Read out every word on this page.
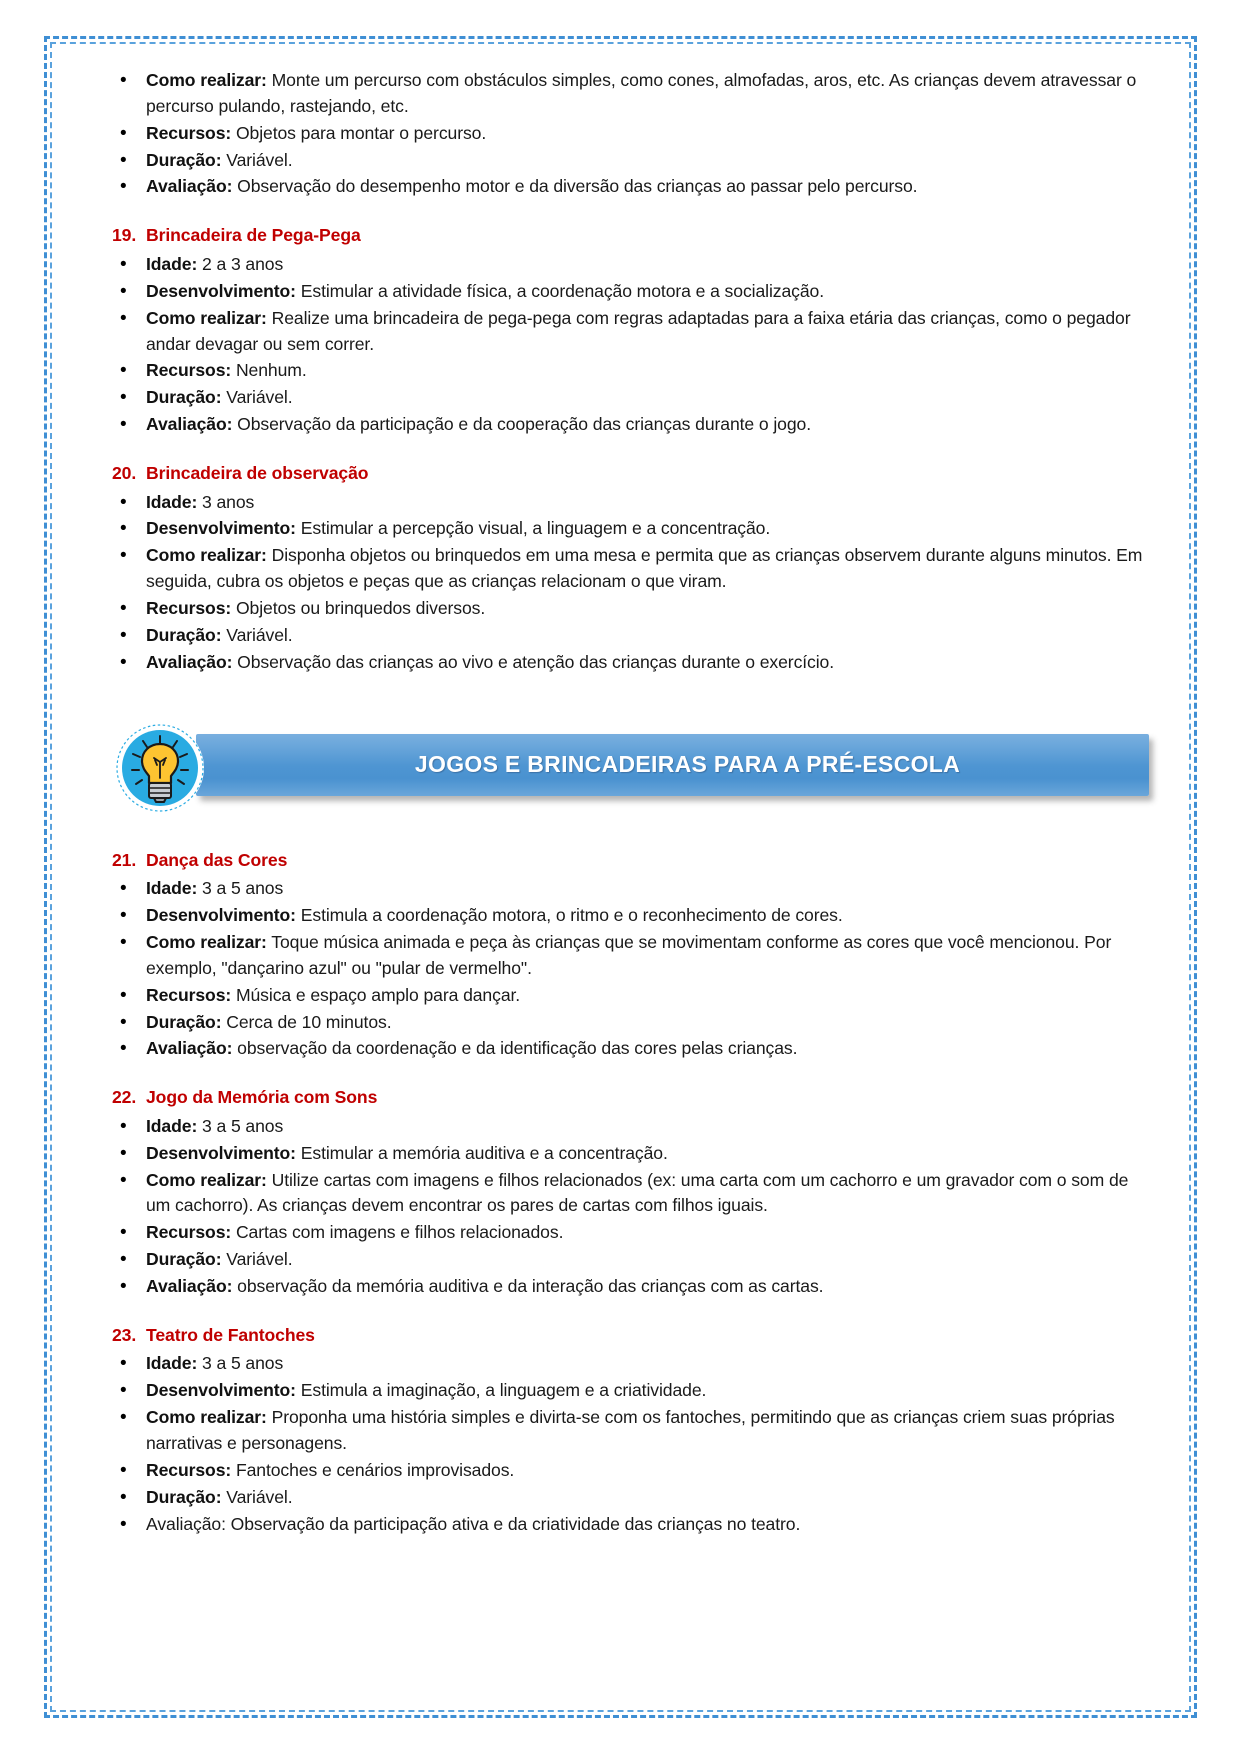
• Como realizar: Monte um percurso com obstáculos simples, como cones, almofadas, aros, etc. As crianças devem atravessar o percurso pulando, rastejando, etc.
• Recursos: Objetos para montar o percurso.
• Duração: Variável.
• Avaliação: Observação do desempenho motor e da diversão das crianças ao passar pelo percurso.
19. Brincadeira de Pega-Pega
• Idade: 2 a 3 anos
• Desenvolvimento: Estimular a atividade física, a coordenação motora e a socialização.
• Como realizar: Realize uma brincadeira de pega-pega com regras adaptadas para a faixa etária das crianças, como o pegador andar devagar ou sem correr.
• Recursos: Nenhum.
• Duração: Variável.
• Avaliação: Observação da participação e da cooperação das crianças durante o jogo.
20. Brincadeira de observação
• Idade: 3 anos
• Desenvolvimento: Estimular a percepção visual, a linguagem e a concentração.
• Como realizar: Disponha objetos ou brinquedos em uma mesa e permita que as crianças observem durante alguns minutos. Em seguida, cubra os objetos e peças que as crianças relacionam o que viram.
• Recursos: Objetos ou brinquedos diversos.
• Duração: Variável.
• Avaliação: Observação das crianças ao vivo e atenção das crianças durante o exercício.
JOGOS E BRINCADEIRAS PARA A PRÉ-ESCOLA
21. Dança das Cores
• Idade: 3 a 5 anos
• Desenvolvimento: Estimula a coordenação motora, o ritmo e o reconhecimento de cores.
• Como realizar: Toque música animada e peça às crianças que se movimentam conforme as cores que você mencionou. Por exemplo, "dançarino azul" ou "pular de vermelho".
• Recursos: Música e espaço amplo para dançar.
• Duração: Cerca de 10 minutos.
• Avaliação: observação da coordenação e da identificação das cores pelas crianças.
22. Jogo da Memória com Sons
• Idade: 3 a 5 anos
• Desenvolvimento: Estimular a memória auditiva e a concentração.
• Como realizar: Utilize cartas com imagens e filhos relacionados (ex: uma carta com um cachorro e um gravador com o som de um cachorro). As crianças devem encontrar os pares de cartas com filhos iguais.
• Recursos: Cartas com imagens e filhos relacionados.
• Duração: Variável.
• Avaliação: observação da memória auditiva e da interação das crianças com as cartas.
23. Teatro de Fantoches
• Idade: 3 a 5 anos
• Desenvolvimento: Estimula a imaginação, a linguagem e a criatividade.
• Como realizar: Proponha uma história simples e divirta-se com os fantoches, permitindo que as crianças criem suas próprias narrativas e personagens.
• Recursos: Fantoches e cenários improvisados.
• Duração: Variável.
• Avaliação: Observação da participação ativa e da criatividade das crianças no teatro.
